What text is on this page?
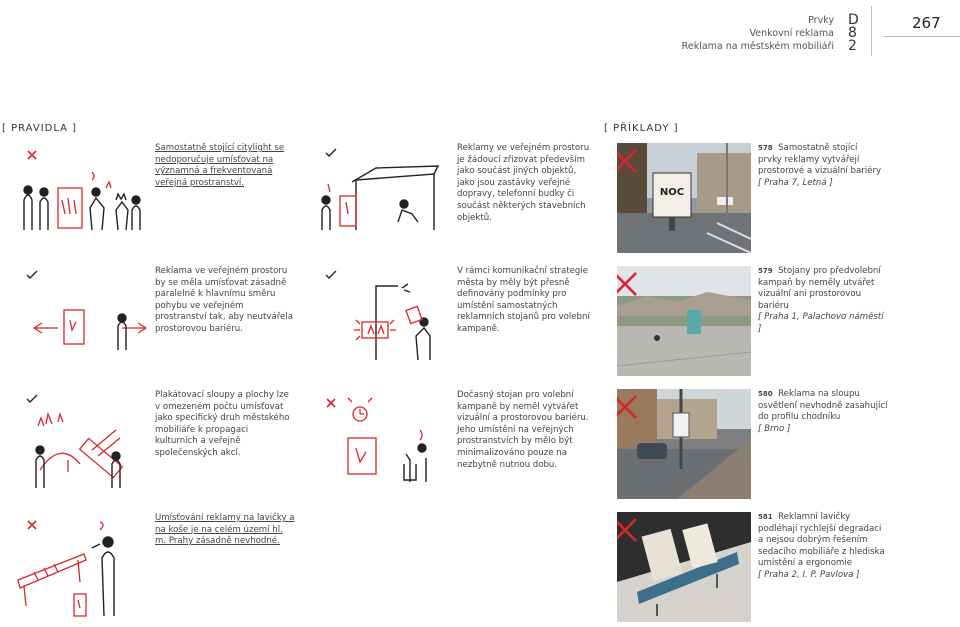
Prvky
Venkovní reklama
Reklama na městském mobiliáři
D
8
2
267
[ PRAVIDLA ]	[ PŘÍKLADY ]
Samostatně stojící citylight se nedoporučuje umísťovat na významná a frekventovaná veřejná prostranství.
Reklama ve veřejném prostoru by se měla umísťovat zásadně paralelně k hlavnímu směru pohybu ve veřejném prostranství tak, aby neutvářela prostorovou bariéru.
Plakátovací sloupy a plochy lze v omezeném počtu umísťovat jako specifický druh městského mobiliáře k propagaci kulturních a veřejně společenských akcí.
Umísťování reklamy na lavičky a na koše je na celém území hl. m. Prahy zásadně nevhodné.
Reklamy ve veřejném prostoru je žádoucí zřizovat především jako součást jiných objektů, jako jsou zastávky veřejné dopravy, telefonní budky či součást některých stavebních objektů.
V rámci komunikační strategie města by měly být přesně definovány podmínky pro umístění samostatných reklamních stojanů pro volební kampaně.
Dočasný stojan pro volební kampaně by neměl vytvářet vizuální a prostorovou bariéru. Jeho umístění na veřejných prostranstvích by mělo být minimalizováno pouze na nezbytně nutnou dobu.
NOC
578 Samostatně stojící prvky reklamy vytvářejí prostorové a vizuální bariéry
[ Praha 7, Letná ]
579 Stojany pro předvolební kampaň by neměly utvářet vizuální ani prostorovou bariéru
[ Praha 1, Palachovo náměstí ]
580 Reklama na sloupu osvětlení nevhodně zasahující do profilu chodníku
[ Brno ]
581 Reklamní lavičky podléhají rychlejší degradaci a nejsou dobrým řešením sedacího mobiliáře z hlediska umístění a ergonomie
[ Praha 2, I. P. Pavlova ]
